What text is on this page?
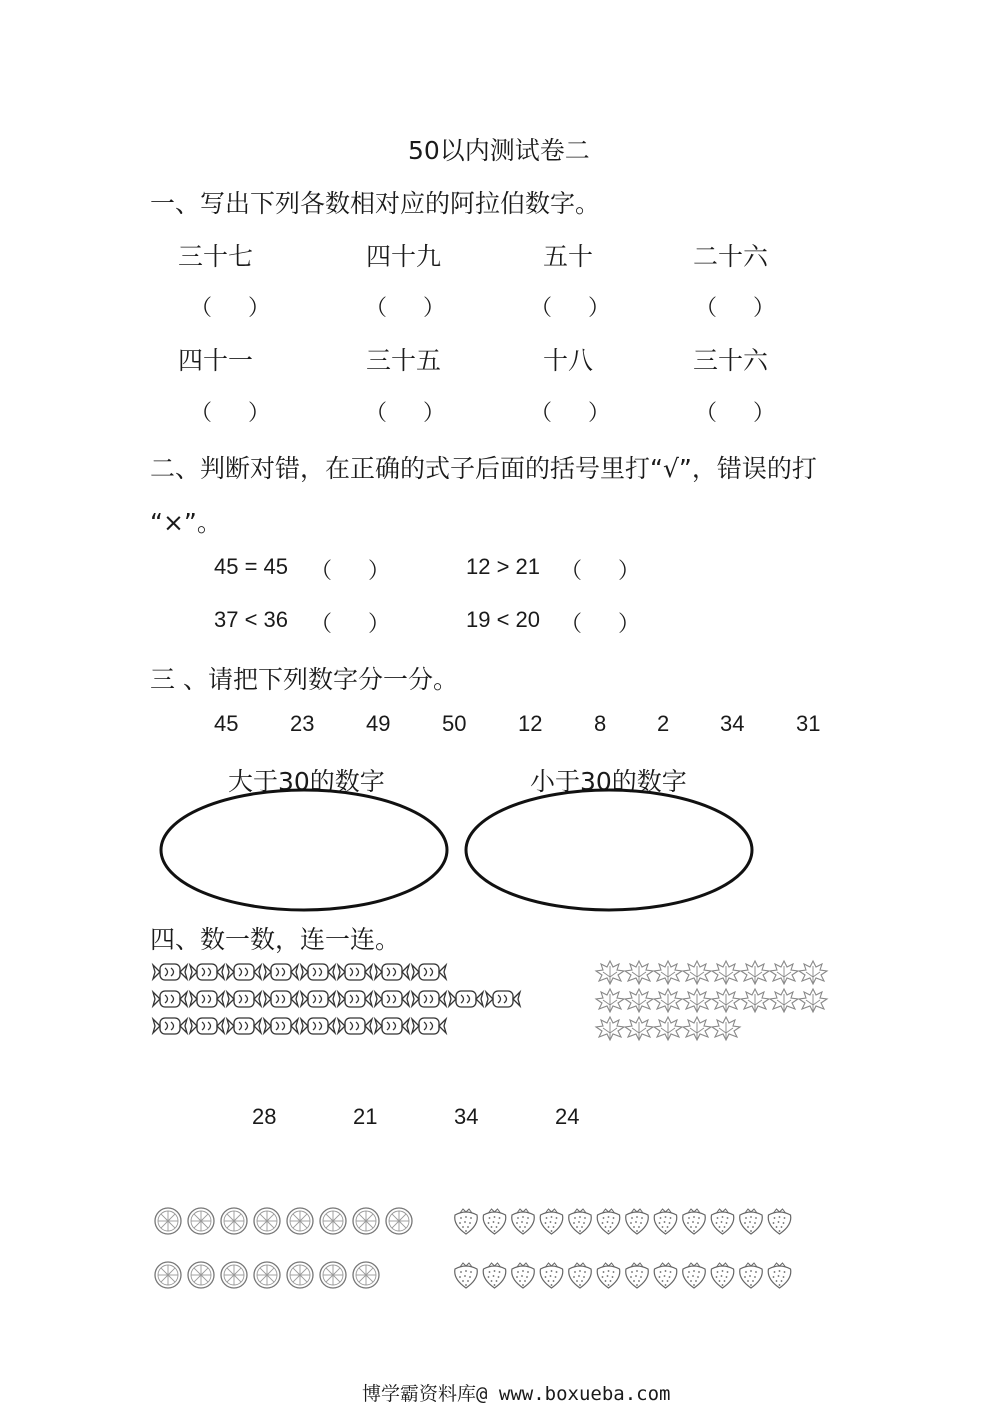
50以内测试卷二
一、写出下列各数相对应的阿拉伯数字。
三十七	四十九	五十	二十六
（ ）	（ ）	（ ）	（ ）
四十一	三十五	十八	三十六
（ ）	（ ）	（ ）	（ ）
二、判断对错，在正确的式子后面的括号里打“√”，错误的打
“×”。
45 = 45 （ ）	12 > 21 （ ）
37 < 36 （ ）	19 < 20 （ ）
三 、请把下列数字分一分。
45 23 49 50 12 8 2 34 31
大于30的数字	小于30的数字
四、数一数，连一连。
28	21	34	24
博学霸资料库@ www.boxueba.com
